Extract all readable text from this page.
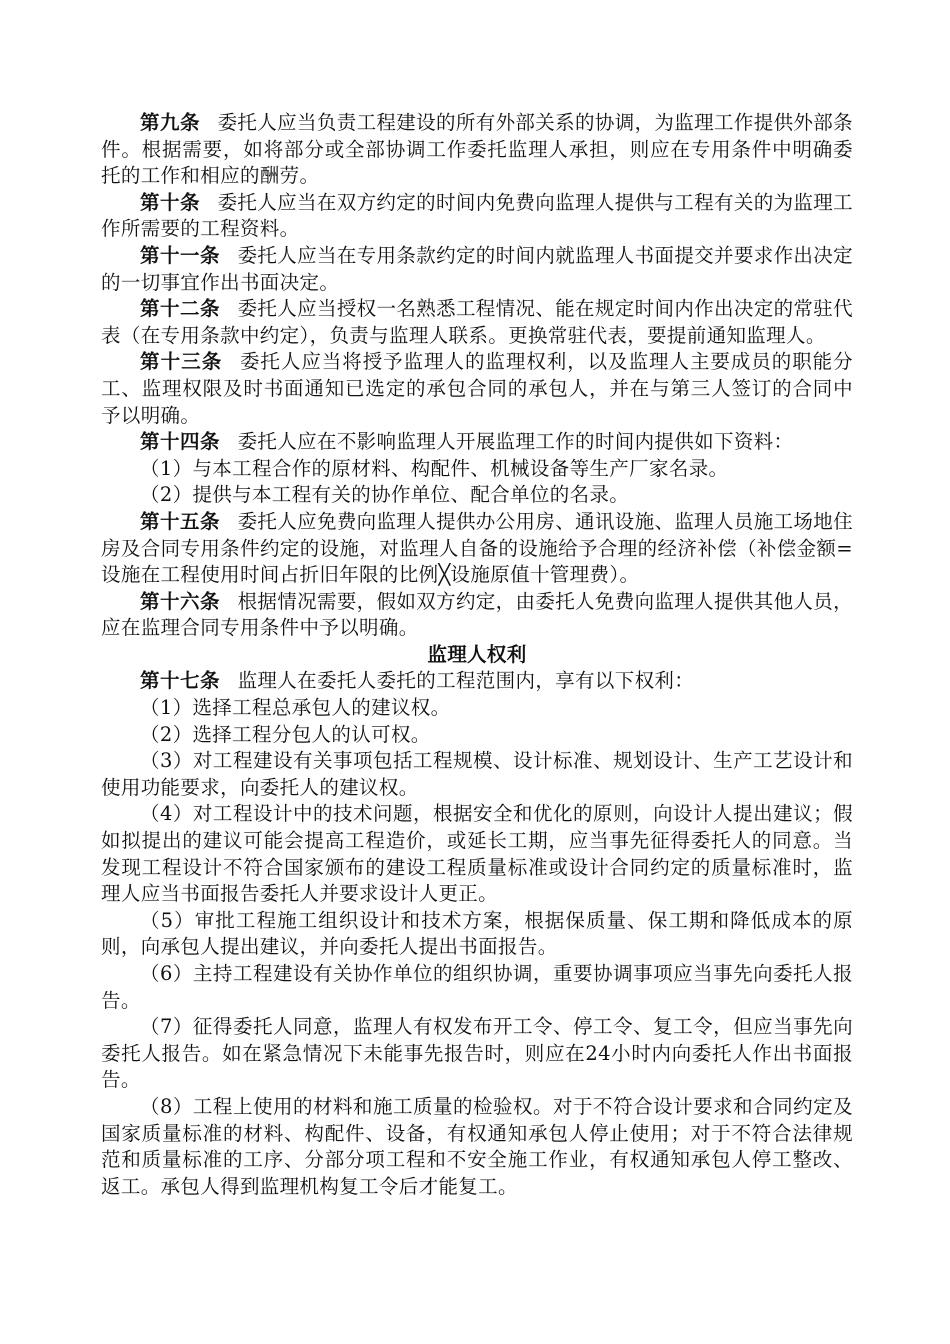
第九条 委托人应当负责工程建设的所有外部关系的协调，为监理工作提供外部条件。根据需要，如将部分或全部协调工作委托监理人承担，则应在专用条件中明确委托的工作和相应的酬劳。

第十条 委托人应当在双方约定的时间内免费向监理人提供与工程有关的为监理工作所需要的工程资料。

第十一条 委托人应当在专用条款约定的时间内就监理人书面提交并要求作出决定的一切事宜作出书面决定。

第十二条 委托人应当授权一名熟悉工程情况、能在规定时间内作出决定的常驻代表（在专用条款中约定），负责与监理人联系。更换常驻代表，要提前通知监理人。

第十三条 委托人应当将授予监理人的监理权利，以及监理人主要成员的职能分工、监理权限及时书面通知已选定的承包合同的承包人，并在与第三人签订的合同中予以明确。

第十四条 委托人应在不影响监理人开展监理工作的时间内提供如下资料：

（1）与本工程合作的原材料、构配件、机械设备等生产厂家名录。

（2）提供与本工程有关的协作单位、配合单位的名录。

第十五条 委托人应免费向监理人提供办公用房、通讯设施、监理人员施工场地住房及合同专用条件约定的设施，对监理人自备的设施给予合理的经济补偿（补偿金额=设施在工程使用时间占折旧年限的比例╳设施原值十管理费）。

第十六条 根据情况需要，假如双方约定，由委托人免费向监理人提供其他人员，应在监理合同专用条件中予以明确。

监理人权利

第十七条 监理人在委托人委托的工程范围内，享有以下权利：

（1）选择工程总承包人的建议权。

（2）选择工程分包人的认可权。

（3）对工程建设有关事项包括工程规模、设计标准、规划设计、生产工艺设计和使用功能要求，向委托人的建议权。

（4）对工程设计中的技术问题，根据安全和优化的原则，向设计人提出建议；假如拟提出的建议可能会提高工程造价，或延长工期，应当事先征得委托人的同意。当发现工程设计不符合国家颁布的建设工程质量标准或设计合同约定的质量标准时，监理人应当书面报告委托人并要求设计人更正。

（5）审批工程施工组织设计和技术方案，根据保质量、保工期和降低成本的原则，向承包人提出建议，并向委托人提出书面报告。

（6）主持工程建设有关协作单位的组织协调，重要协调事项应当事先向委托人报告。

（7）征得委托人同意，监理人有权发布开工令、停工令、复工令，但应当事先向委托人报告。如在紧急情况下未能事先报告时，则应在24小时内向委托人作出书面报告。

（8）工程上使用的材料和施工质量的检验权。对于不符合设计要求和合同约定及国家质量标准的材料、构配件、设备，有权通知承包人停止使用；对于不符合法律规范和质量标准的工序、分部分项工程和不安全施工作业，有权通知承包人停工整改、返工。承包人得到监理机构复工令后才能复工。
